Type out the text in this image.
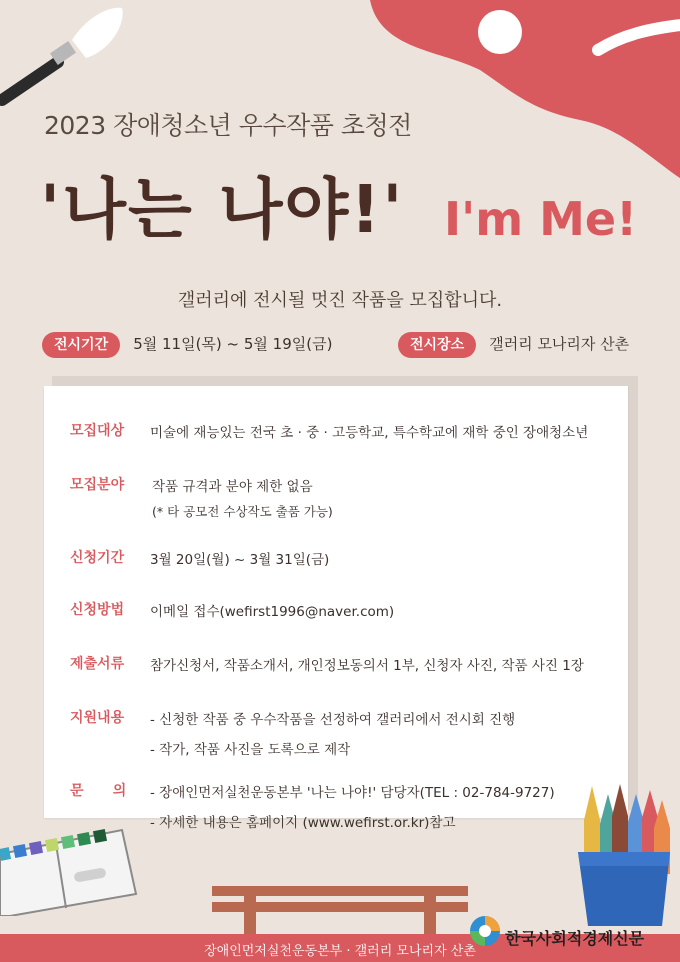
2023 장애청소년 우수작품 초청전
'나는 나야!' I'm Me!
갤러리에 전시될 멋진 작품을 모집합니다.
전시기간 5월 11일(목) ~ 5월 19일(금)	전시장소 갤러리 모나리자 산촌
모집대상 미술에 재능있는 전국 초 · 중 · 고등학교, 특수학교에 재학 중인 장애청소년
모집분야 작품 규격과 분야 제한 없음
(* 타 공모전 수상작도 출품 가능)
신청기간 3월 20일(월) ~ 3월 31일(금)
신청방법 이메일 접수(wefirst1996@naver.com)
제출서류 참가신청서, 작품소개서, 개인정보동의서 1부, 신청자 사진, 작품 사진 1장
지원내용 - 신청한 작품 중 우수작품을 선정하여 갤러리에서 전시회 진행
- 작가, 작품 사진을 도록으로 제작
문      의 - 장애인먼저실천운동본부 '나는 나야!' 담당자(TEL : 02-784-9727)
- 자세한 내용은 홈페이지 (www.wefirst.or.kr)참고
장애인먼저실천운동본부 · 갤러리 모나리자 산촌
한국사회적경제신문
